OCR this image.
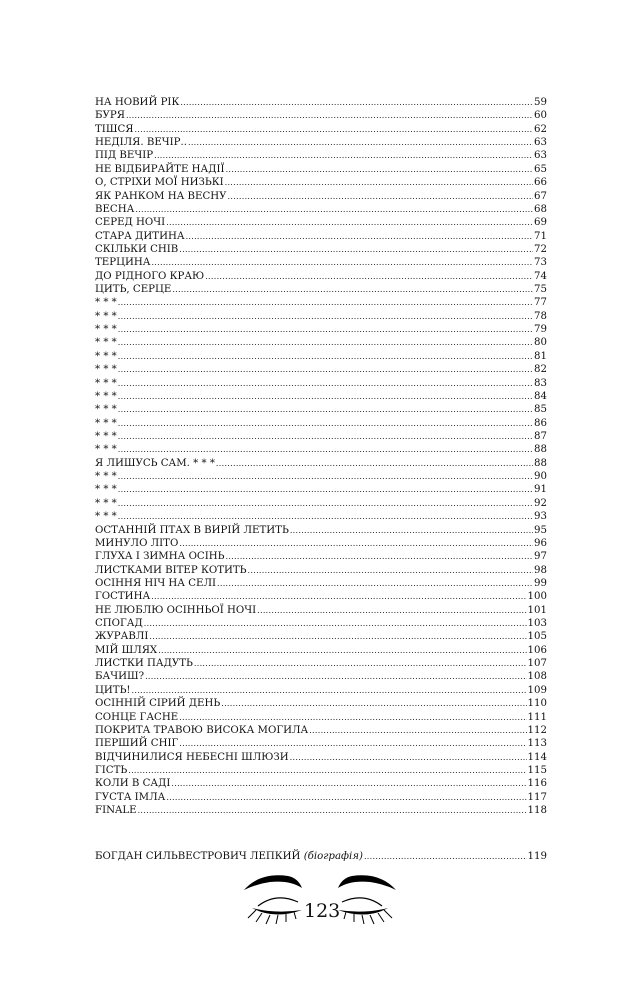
НА НОВИЙ РІК .....	59
БУРЯ .....	60
ТІШСЯ .....	62
НЕДІЛЯ. ВЕЧІР.. .....	63
ПІД ВЕЧІР .....	63
НЕ ВІДБИРАЙТЕ НАДІЇ .....	65
О, СТРІХИ МОЇ НИЗЬКІ .....	66
ЯК РАНКОМ НА ВЕСНУ .....	67
ВЕСНА .....	68
СЕРЕД НОЧІ .....	69
СТАРА ДИТИНА .....	71
СКІЛЬКИ СНІВ .....	72
ТЕРЦИНА .....	73
ДО РІДНОГО КРАЮ .....	74
ЦИТЬ, СЕРЦЕ .....	75
* * * .....	77
* * * .....	78
* * * .....	79
* * * .....	80
* * * .....	81
* * * .....	82
* * * .....	83
* * * .....	84
* * * .....	85
* * * .....	86
* * * .....	87
* * * .....	88
Я ЛИШУСЬ САМ. * * * .....	88
* * * .....	90
* * * .....	91
* * * .....	92
* * * .....	93
ОСТАННІЙ ПТАХ В ВИРІЙ ЛЕТИТЬ .....	95
МИНУЛО ЛІТО .....	96
ГЛУХА І ЗИМНА ОСІНЬ .....	97
ЛИСТКАМИ ВІТЕР КОТИТЬ .....	98
ОСІННЯ НІЧ НА СЕЛІ .....	99
ГОСТИНА .....	100
НЕ ЛЮБЛЮ ОСІННЬОЇ НОЧІ .....	101
СПОГАД .....	103
ЖУРАВЛІ .....	105
МІЙ ШЛЯХ .....	106
ЛИСТКИ ПАДУТЬ .....	107
БАЧИШ? .....	108
ЦИТЬ! .....	109
ОСІННІЙ СІРИЙ ДЕНЬ .....	110
СОНЦЕ ГАСНЕ .....	111
ПОКРИТА ТРАВОЮ ВИСОКА МОГИЛА .....	112
ПЕРШИЙ СНІГ .....	113
ВІДЧИНИЛИСЯ НЕБЕСНІ ШЛЮЗИ .....	114
ГІСТЬ .....	115
КОЛИ В САДІ .....	116
ГУСТА ІМЛА .....	117
FINALE .....	118
БОГДАН СИЛЬВЕСТРОВИЧ ЛЕПКИЙ (біографія) .....	119
123
